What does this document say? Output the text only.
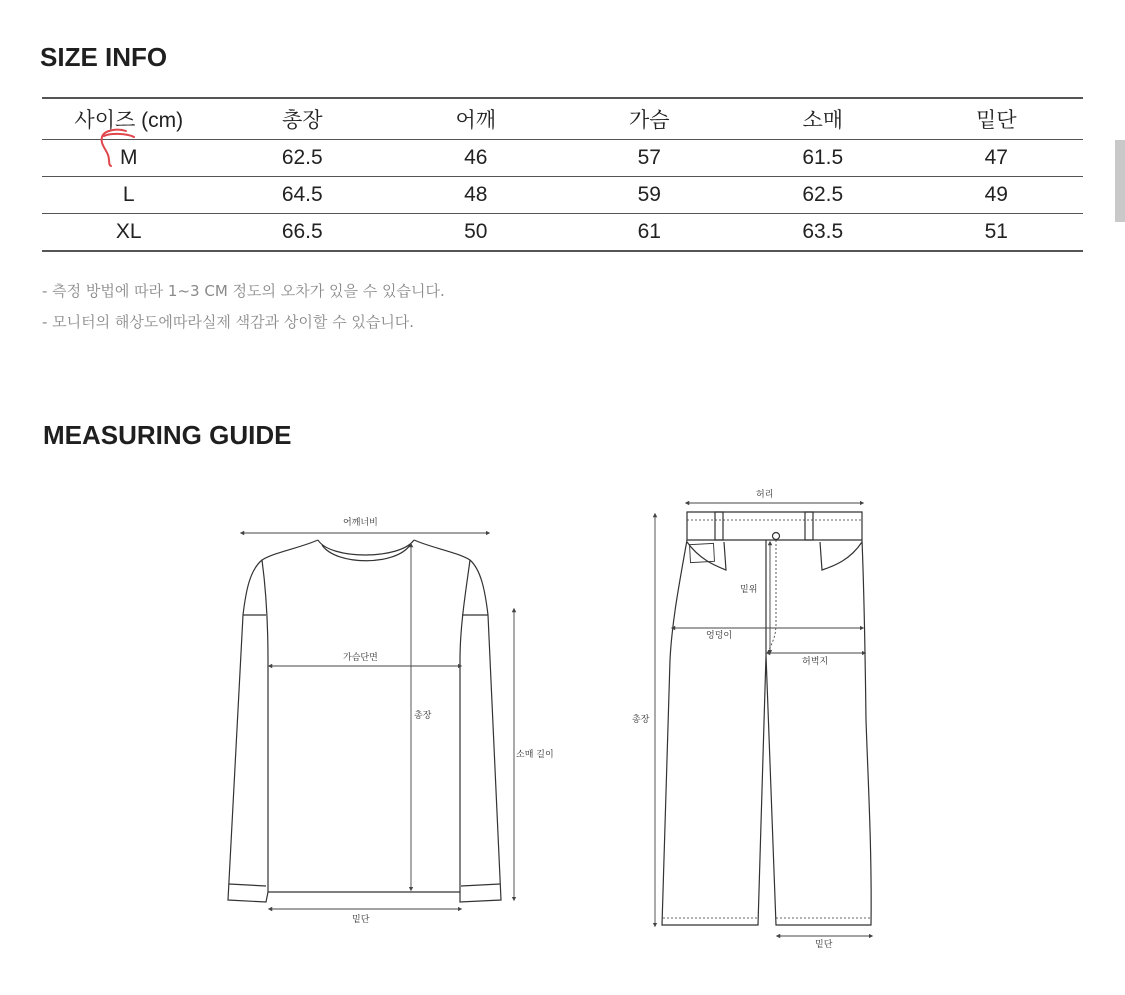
SIZE INFO
사이즈 (cm)	총장	어깨	가슴	소매	밑단
M	62.5	46	57	61.5	47
L	64.5	48	59	62.5	49
XL	66.5	50	61	63.5	51

- 측정 방법에 따라 1~3 CM 정도의 오차가 있을 수 있습니다.

- 모니터의 해상도에따라실제 색감과 상이할 수 있습니다.

MEASURING GUIDE
어깨너비
가슴단면
총장
소매 길이
밑단
허리
밑위
엉덩이
허벅지
총장
밑단
